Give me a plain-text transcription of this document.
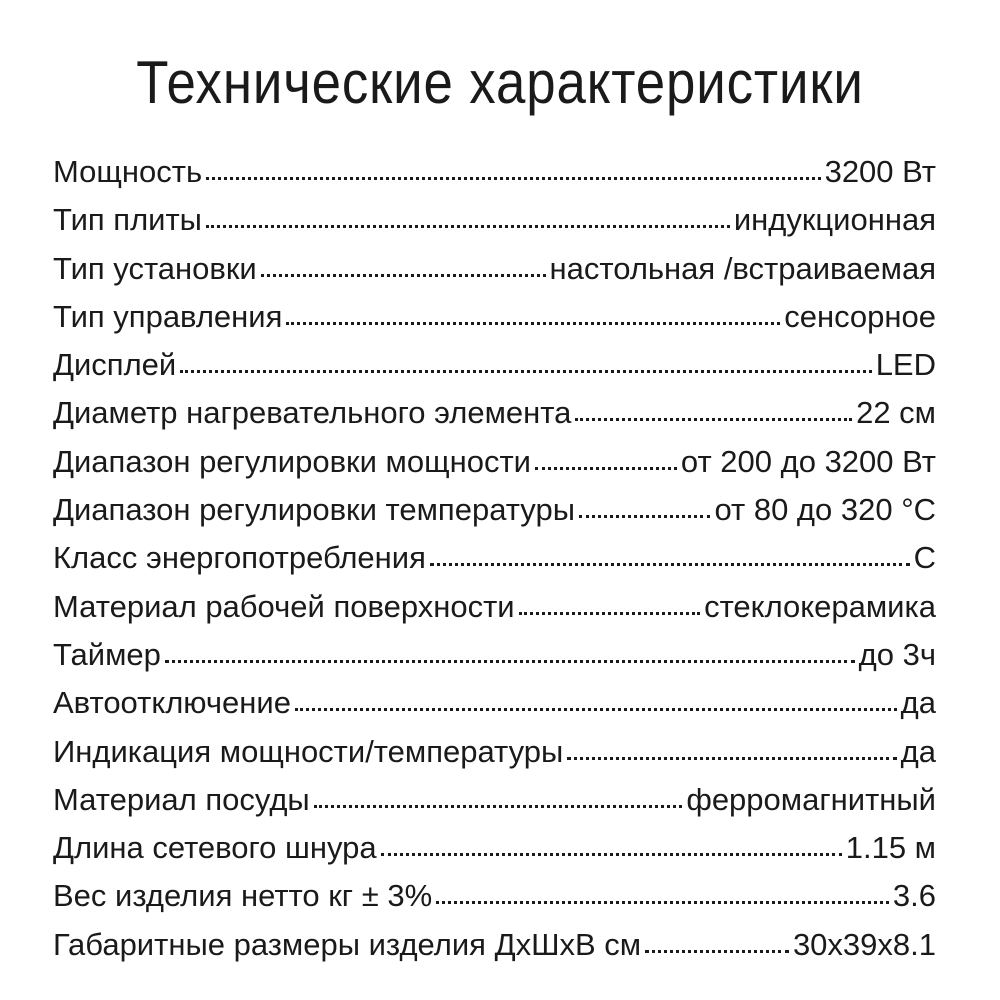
Технические характеристики
Мощность	3200 Вт
Тип плиты	индукционная
Тип установки	настольная /встраиваемая
Тип управления	сенсорное
Дисплей	LED
Диаметр нагревательного элемента	22 см
Диапазон регулировки мощности	от 200 до 3200 Вт
Диапазон регулировки температуры	от 80 до 320 °С
Класс энергопотребления	С
Материал рабочей поверхности	стеклокерамика
Таймер	до 3ч
Автоотключение	да
Индикация мощности/температуры	да
Материал посуды	ферромагнитный
Длина сетевого шнура	1.15 м
Вес изделия нетто кг ± 3%	3.6
Габаритные размеры изделия ДхШхВ см	30х39х8.1
